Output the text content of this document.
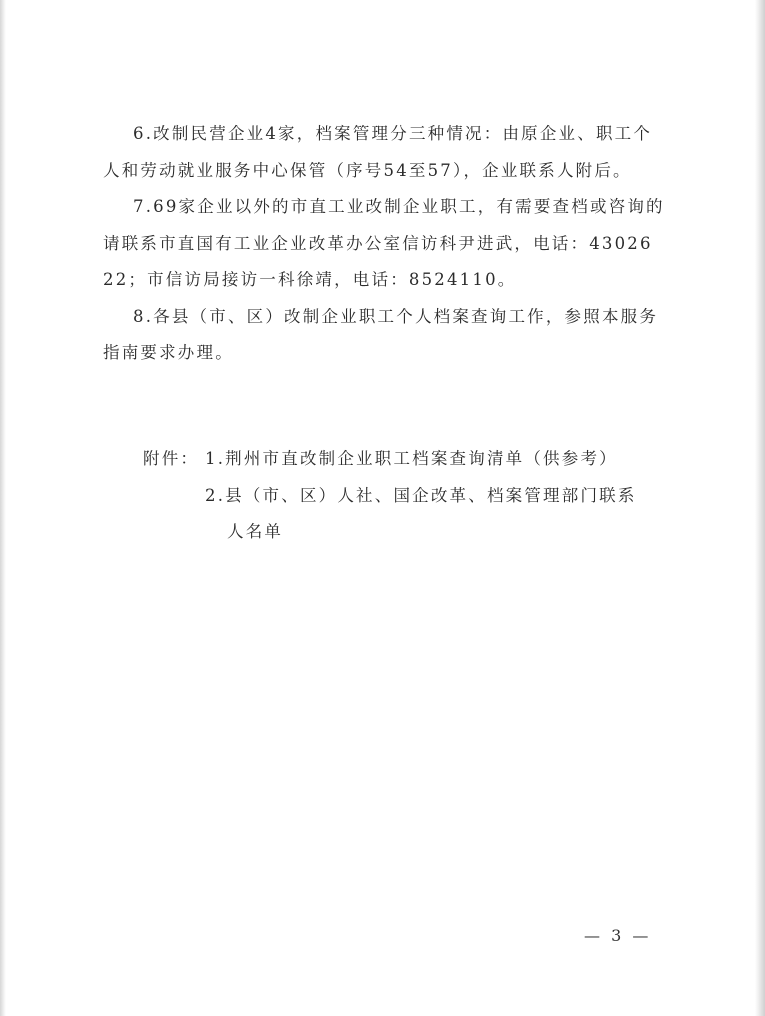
6.改制民营企业4家，档案管理分三种情况：由原企业、职工个人和劳动就业服务中心保管（序号54至57），企业联系人附后。

7.69家企业以外的市直工业改制企业职工，有需要查档或咨询的请联系市直国有工业企业改革办公室信访科尹进武，电话：4302622；市信访局接访一科徐靖，电话：8524110。

8.各县（市、区）改制企业职工个人档案查询工作，参照本服务指南要求办理。

附件： 1.荆州市直改制企业职工档案查询清单（供参考）
2.县（市、区）人社、国企改革、档案管理部门联系
人名单
— 3 —
